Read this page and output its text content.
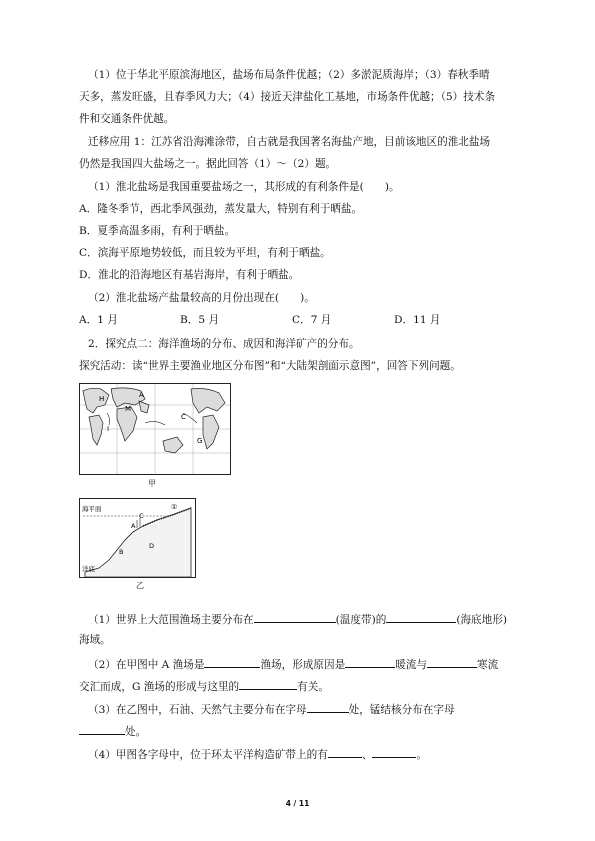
（1）位于华北平原滨海地区，盐场布局条件优越；（2）多淤泥质海岸；（3）春秋季晴
天多，蒸发旺盛，且春季风力大；（4）接近天津盐化工基地，市场条件优越；（5）技术条
件和交通条件优越。
迁移应用 1：江苏省沿海滩涂带，自古就是我国著名海盐产地，目前该地区的淮北盐场
仍然是我国四大盐场之一。据此回答（1）～（2）题。
（1）淮北盐场是我国重要盐场之一，其形成的有利条件是(　　)。
A．隆冬季节，西北季风强劲，蒸发量大，特别有利于晒盐。
B．夏季高温多雨，有利于晒盐。
C．滨海平原地势较低，而且较为平坦，有利于晒盐。
D．淮北的沿海地区有基岩海岸，有利于晒盐。
（2）淮北盐场产盐量较高的月份出现在(　　)。
A．1 月	B．5 月	C．7 月	D．11 月
2．探究点二：海洋渔场的分布、成因和海洋矿产的分布。
探究活动：读“世界主要渔业地区分布图”和“大陆架剖面示意图”，回答下列问题。
H
M
A
C
G
I
甲
海平面
洋底
①
C
A
B
D
乙
（1）世界上大范围渔场主要分布在	(温度带)的	(海底地形)
海域。
（2）在甲图中 A 渔场是	渔场，形成原因是	暖流与	寒流
交汇而成，G 渔场的形成与这里的	有关。
（3）在乙图中，石油、天然气主要分布在字母	处，锰结核分布在字母
处。
（4）甲图各字母中，位于环太平洋构造矿带上的有	、	。
4 / 11
